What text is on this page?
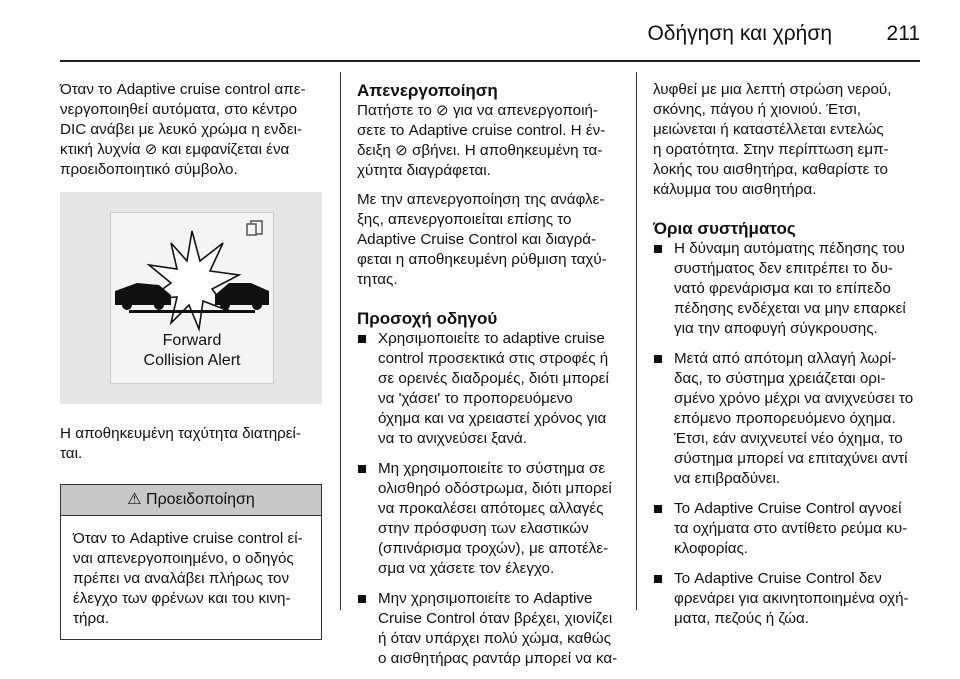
Οδήγηση και χρήση	211

Όταν το Adaptive cruise control απε-
νεργοποιηθεί αυτόματα, στο κέντρο
DIC ανάβει με λευκό χρώμα η ενδει-
κτική λυχνία ⊘ και εμφανίζεται ένα
προειδοποιητικό σύμβολο.

Forward
Collision Alert

Η αποθηκευμένη ταχύτητα διατηρεί-
ται.

⚠ Προειδοποίηση
Όταν το Adaptive cruise control εί-
ναι απενεργοποιημένο, ο οδηγός
πρέπει να αναλάβει πλήρως τον
έλεγχο των φρένων και του κινη-
τήρα.
Απενεργοποίηση

Πατήστε το ⊘ για να απενεργοποιή-
σετε το Adaptive cruise control. Η έν-
δειξη ⊘ σβήνει. Η αποθηκευμένη τα-
χύτητα διαγράφεται.

Με την απενεργοποίηση της ανάφλε-
ξης, απενεργοποιείται επίσης το
Adaptive Cruise Control και διαγρά-
φεται η αποθηκευμένη ρύθμιση ταχύ-
τητας.

Προσοχή οδηγού
Χρησιμοποιείτε το adaptive cruise
control προσεκτικά στις στροφές ή
σε ορεινές διαδρομές, διότι μπορεί
να 'χάσει' το προπορευόμενο
όχημα και να χρειαστεί χρόνος για
να το ανιχνεύσει ξανά.
Μη χρησιμοποιείτε το σύστημα σε
ολισθηρό οδόστρωμα, διότι μπορεί
να προκαλέσει απότομες αλλαγές
στην πρόσφυση των ελαστικών
(σπινάρισμα τροχών), με αποτέλε-
σμα να χάσετε τον έλεγχο.
Μην χρησιμοποιείτε το Adaptive
Cruise Control όταν βρέχει, χιονίζει
ή όταν υπάρχει πολύ χώμα, καθώς
ο αισθητήρας ραντάρ μπορεί να κα-

λυφθεί με μια λεπτή στρώση νερού,
σκόνης, πάγου ή χιονιού. Έτσι,
μειώνεται ή καταστέλλεται εντελώς
η ορατότητα. Στην περίπτωση εμπ-
λοκής του αισθητήρα, καθαρίστε το
κάλυμμα του αισθητήρα.

Όρια συστήματος
Η δύναμη αυτόματης πέδησης του
συστήματος δεν επιτρέπει το δυ-
νατό φρενάρισμα και το επίπεδο
πέδησης ενδέχεται να μην επαρκεί
για την αποφυγή σύγκρουσης.
Μετά από απότομη αλλαγή λωρί-
δας, το σύστημα χρειάζεται ορι-
σμένο χρόνο μέχρι να ανιχνεύσει το
επόμενο προπορευόμενο όχημα.
Έτσι, εάν ανιχνευτεί νέο όχημα, το
σύστημα μπορεί να επιταχύνει αντί
να επιβραδύνει.
Το Adaptive Cruise Control αγνοεί
τα οχήματα στο αντίθετο ρεύμα κυ-
κλοφορίας.
Το Adaptive Cruise Control δεν
φρενάρει για ακινητοποιημένα οχή-
ματα, πεζούς ή ζώα.
